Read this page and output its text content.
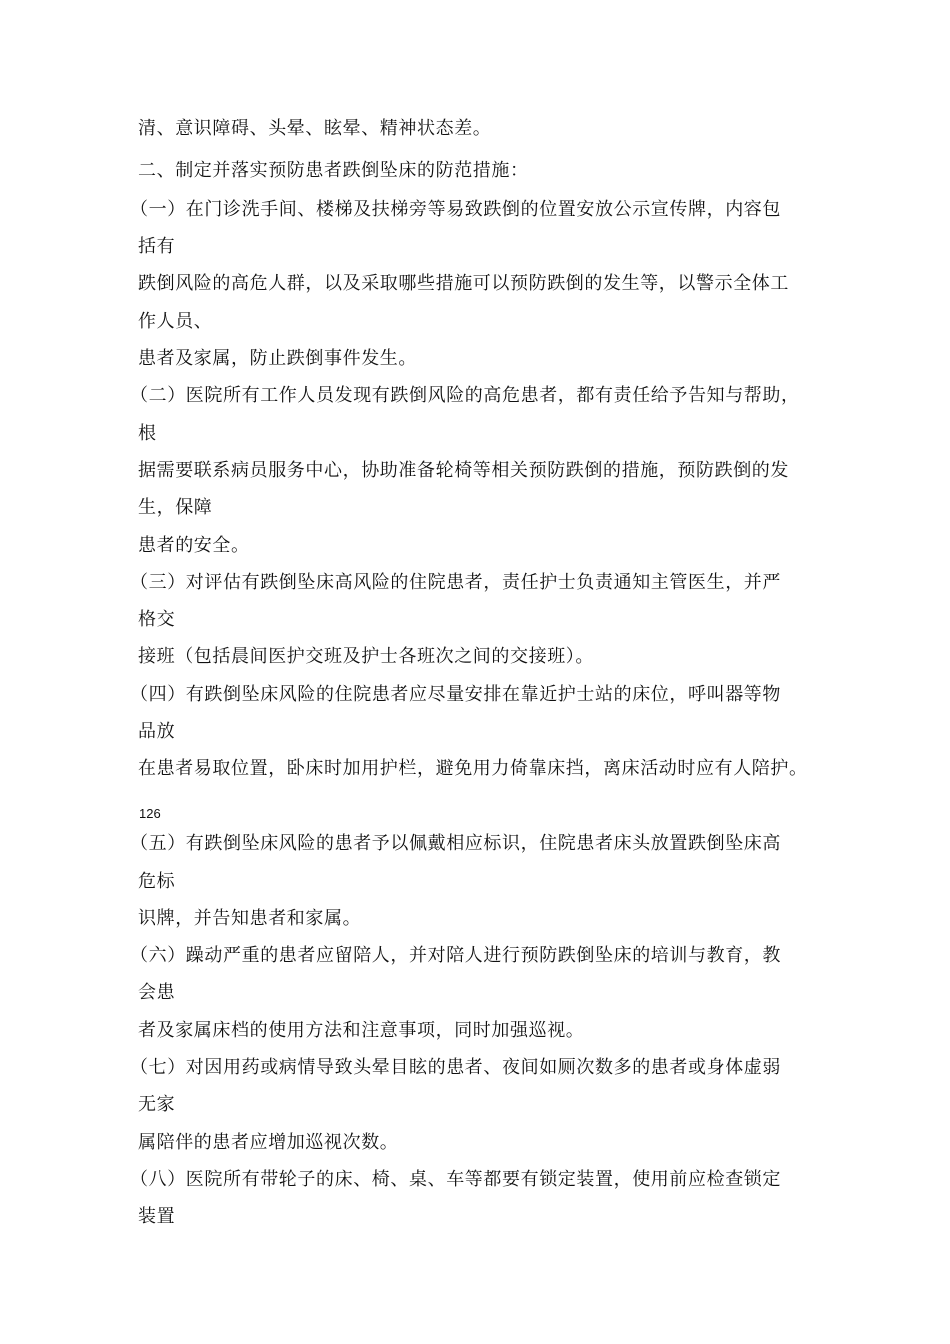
清、意识障碍、头晕、眩晕、精神状态差。
二、制定并落实预防患者跌倒坠床的防范措施：
（一）在门诊洗手间、楼梯及扶梯旁等易致跌倒的位置安放公示宣传牌，内容包
括有
跌倒风险的高危人群，以及采取哪些措施可以预防跌倒的发生等，以警示全体工
作人员、
患者及家属，防止跌倒事件发生。
（二）医院所有工作人员发现有跌倒风险的高危患者，都有责任给予告知与帮助，
根
据需要联系病员服务中心，协助准备轮椅等相关预防跌倒的措施，预防跌倒的发
生，保障
患者的安全。
（三）对评估有跌倒坠床高风险的住院患者，责任护士负责通知主管医生，并严
格交
接班（包括晨间医护交班及护士各班次之间的交接班）。
（四）有跌倒坠床风险的住院患者应尽量安排在靠近护士站的床位，呼叫器等物
品放
在患者易取位置，卧床时加用护栏，避免用力倚靠床挡，离床活动时应有人陪护。
126
（五）有跌倒坠床风险的患者予以佩戴相应标识，住院患者床头放置跌倒坠床高
危标
识牌，并告知患者和家属。
（六）躁动严重的患者应留陪人，并对陪人进行预防跌倒坠床的培训与教育，教
会患
者及家属床档的使用方法和注意事项，同时加强巡视。
（七）对因用药或病情导致头晕目眩的患者、夜间如厕次数多的患者或身体虚弱
无家
属陪伴的患者应增加巡视次数。
（八）医院所有带轮子的床、椅、桌、车等都要有锁定装置，使用前应检查锁定
装置
